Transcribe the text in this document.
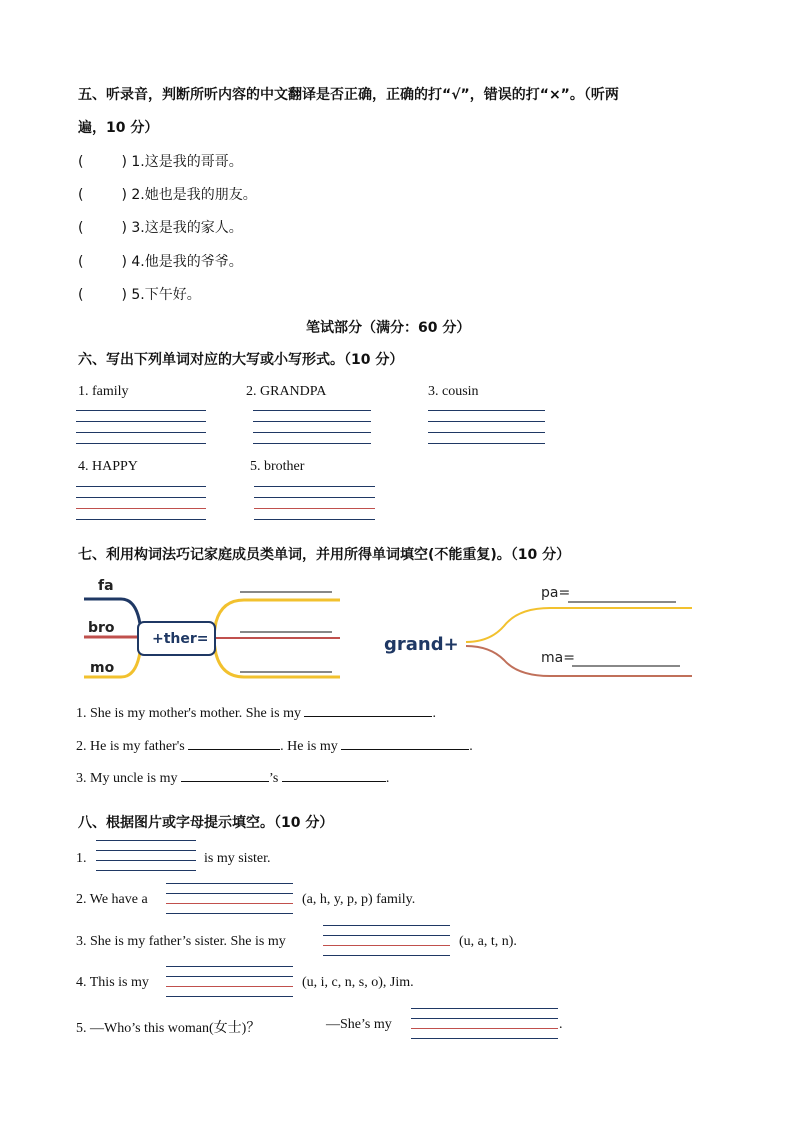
五、听录音，判断所听内容的中文翻译是否正确，正确的打“√”，错误的打“×”。（听两
遍，10 分）
(	) 1.这是我的哥哥。
(	) 2.她也是我的朋友。
(	) 3.这是我的家人。
(	) 4.他是我的爷爷。
(	) 5.下午好。
笔试部分（满分：60 分）
六、写出下列单词对应的大写或小写形式。（10 分）
1. family	2. GRANDPA	3. cousin
4. HAPPY	5. brother
七、利用构词法巧记家庭成员类单词，并用所得单词填空(不能重复)。（10 分）
fa
bro
mo
+ther=	grand+
pa=
ma=
1. She is my mother's mother. She is my	.
2. He is my father's	. He is my	.
3. My uncle is my	’s	.
八、根据图片或字母提示填空。（10 分）
1.	is my sister.
2. We have a	(a, h, y, p, p) family.
3. She is my father’s sister. She is my	(u, a, t, n).
4. This is my	(u, i, c, n, s, o), Jim.
5. —Who’s this woman(女士)？	—She’s my	.
